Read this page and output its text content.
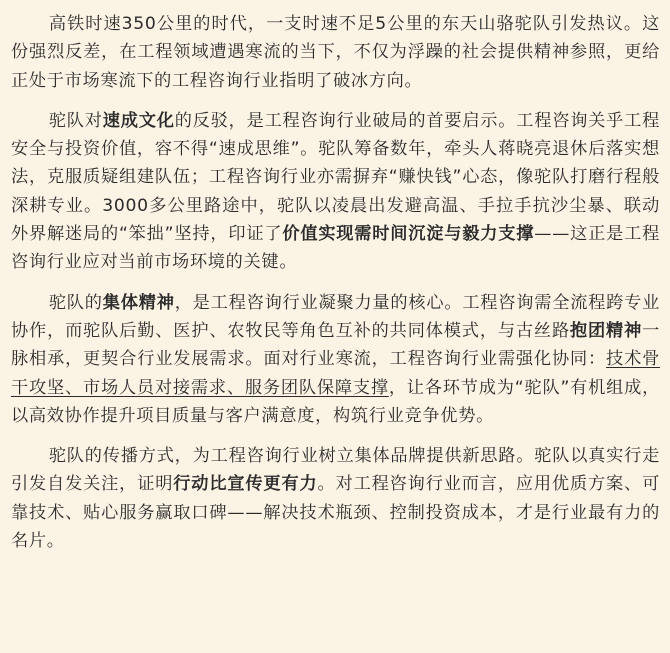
高铁时速350公里的时代，一支时速不足5公里的东天山骆驼队引发热议。这份强烈反差，在工程领域遭遇寒流的当下，不仅为浮躁的社会提供精神参照，更给正处于市场寒流下的工程咨询行业指明了破冰方向。

驼队对速成文化的反驳，是工程咨询行业破局的首要启示。工程咨询关乎工程安全与投资价值，容不得“速成思维”。驼队筹备数年，牵头人蒋晓亮退休后落实想法，克服质疑组建队伍；工程咨询行业亦需摒弃“赚快钱”心态，像驼队打磨行程般深耕专业。3000多公里路途中，驼队以凌晨出发避高温、手拉手抗沙尘暴、联动外界解迷局的“笨拙”坚持，印证了价值实现需时间沉淀与毅力支撑——这正是工程咨询行业应对当前市场环境的关键。

驼队的集体精神，是工程咨询行业凝聚力量的核心。工程咨询需全流程跨专业协作，而驼队后勤、医护、农牧民等角色互补的共同体模式，与古丝路抱团精神一脉相承，更契合行业发展需求。面对行业寒流，工程咨询行业需强化协同：技术骨干攻坚、市场人员对接需求、服务团队保障支撑，让各环节成为“驼队”有机组成，以高效协作提升项目质量与客户满意度，构筑行业竞争优势。

驼队的传播方式，为工程咨询行业树立集体品牌提供新思路。驼队以真实行走引发自发关注，证明行动比宣传更有力。对工程咨询行业而言，应用优质方案、可靠技术、贴心服务赢取口碑——解决技术瓶颈、控制投资成本，才是行业最有力的名片。
